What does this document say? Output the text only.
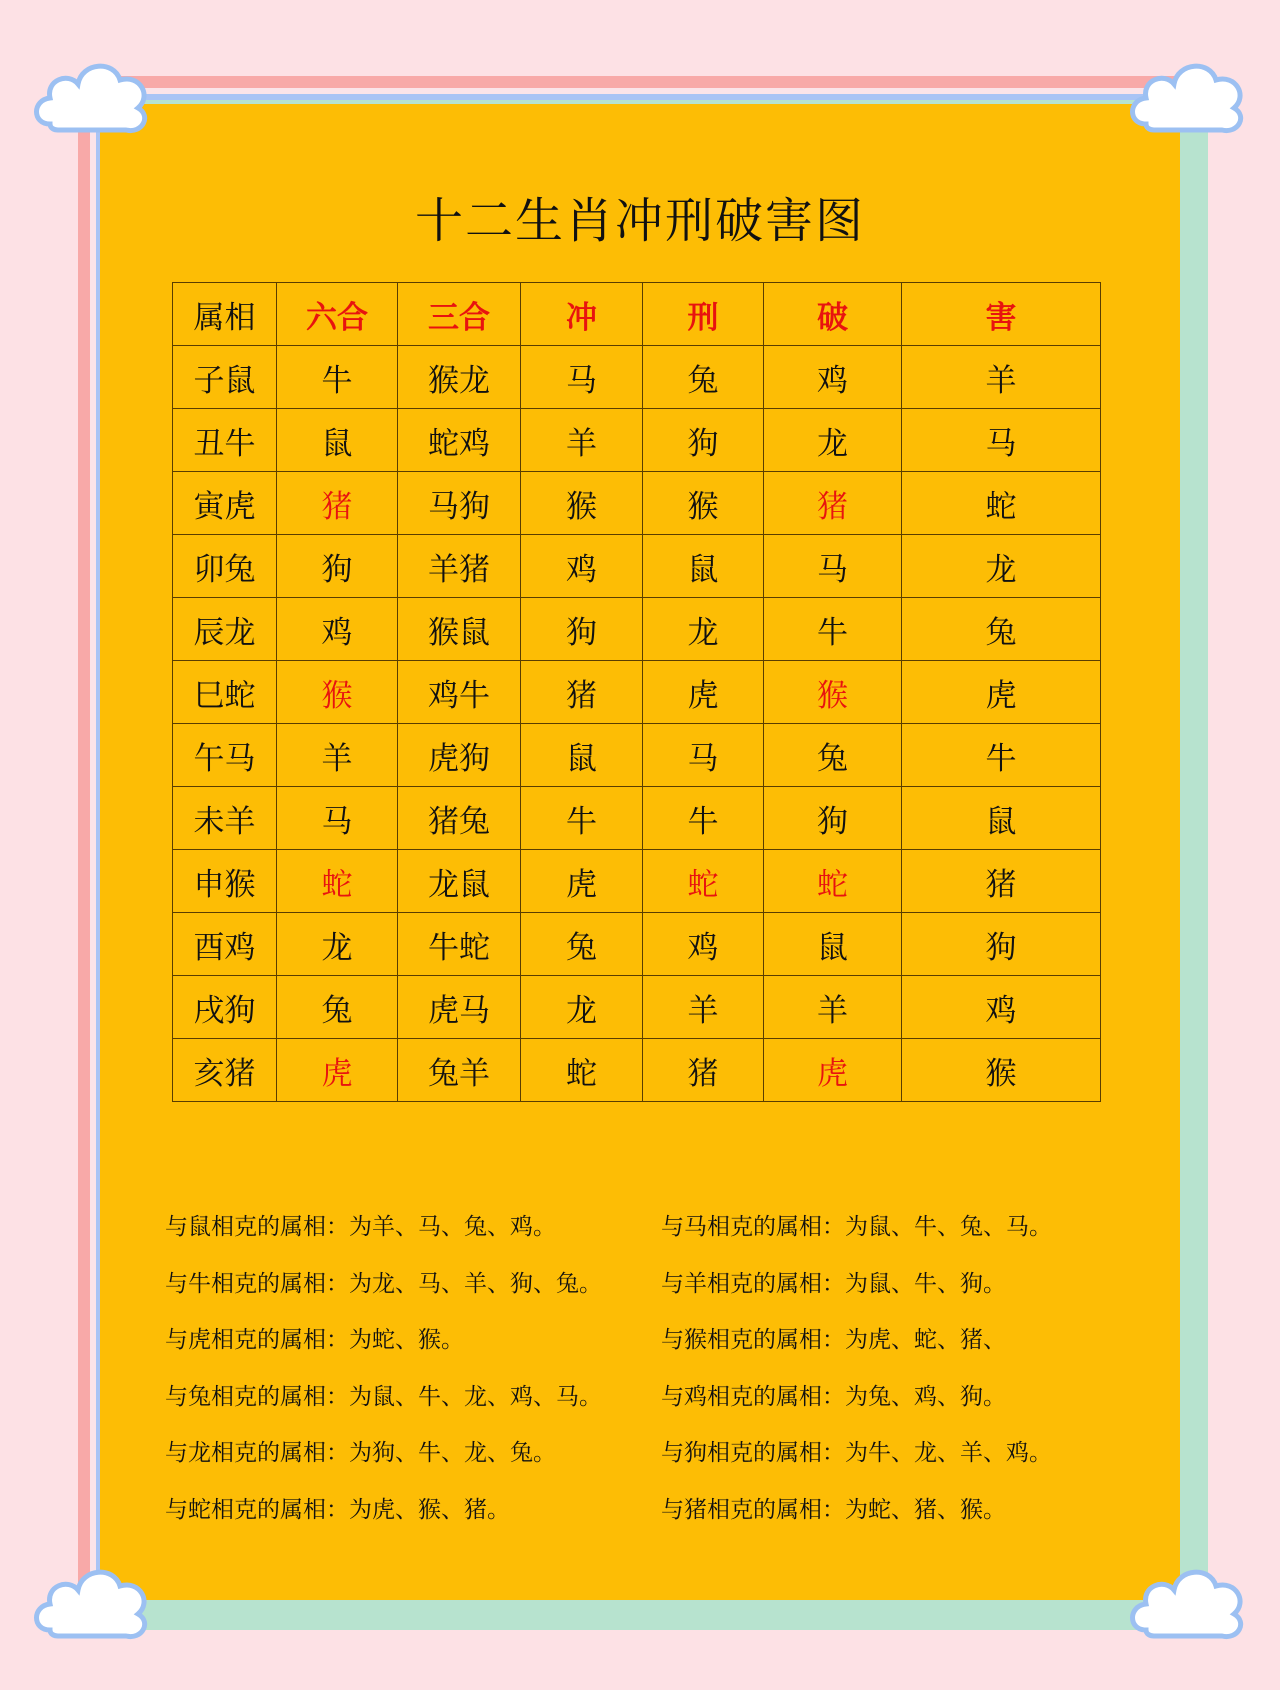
十二生肖冲刑破害图
属相	六合	三合	冲	刑	破	害
子鼠	牛	猴龙	马	兔	鸡	羊
丑牛	鼠	蛇鸡	羊	狗	龙	马
寅虎	猪	马狗	猴	猴	猪	蛇
卯兔	狗	羊猪	鸡	鼠	马	龙
辰龙	鸡	猴鼠	狗	龙	牛	兔
巳蛇	猴	鸡牛	猪	虎	猴	虎
午马	羊	虎狗	鼠	马	兔	牛
未羊	马	猪兔	牛	牛	狗	鼠
申猴	蛇	龙鼠	虎	蛇	蛇	猪
酉鸡	龙	牛蛇	兔	鸡	鼠	狗
戌狗	兔	虎马	龙	羊	羊	鸡
亥猪	虎	兔羊	蛇	猪	虎	猴
与鼠相克的属相：为羊、马、兔、鸡。	与马相克的属相：为鼠、牛、兔、马。
与牛相克的属相：为龙、马、羊、狗、兔。	与羊相克的属相：为鼠、牛、狗。
与虎相克的属相：为蛇、猴。	与猴相克的属相：为虎、蛇、猪、
与兔相克的属相：为鼠、牛、龙、鸡、马。	与鸡相克的属相：为兔、鸡、狗。
与龙相克的属相：为狗、牛、龙、兔。	与狗相克的属相：为牛、龙、羊、鸡。
与蛇相克的属相：为虎、猴、猪。	与猪相克的属相：为蛇、猪、猴。
